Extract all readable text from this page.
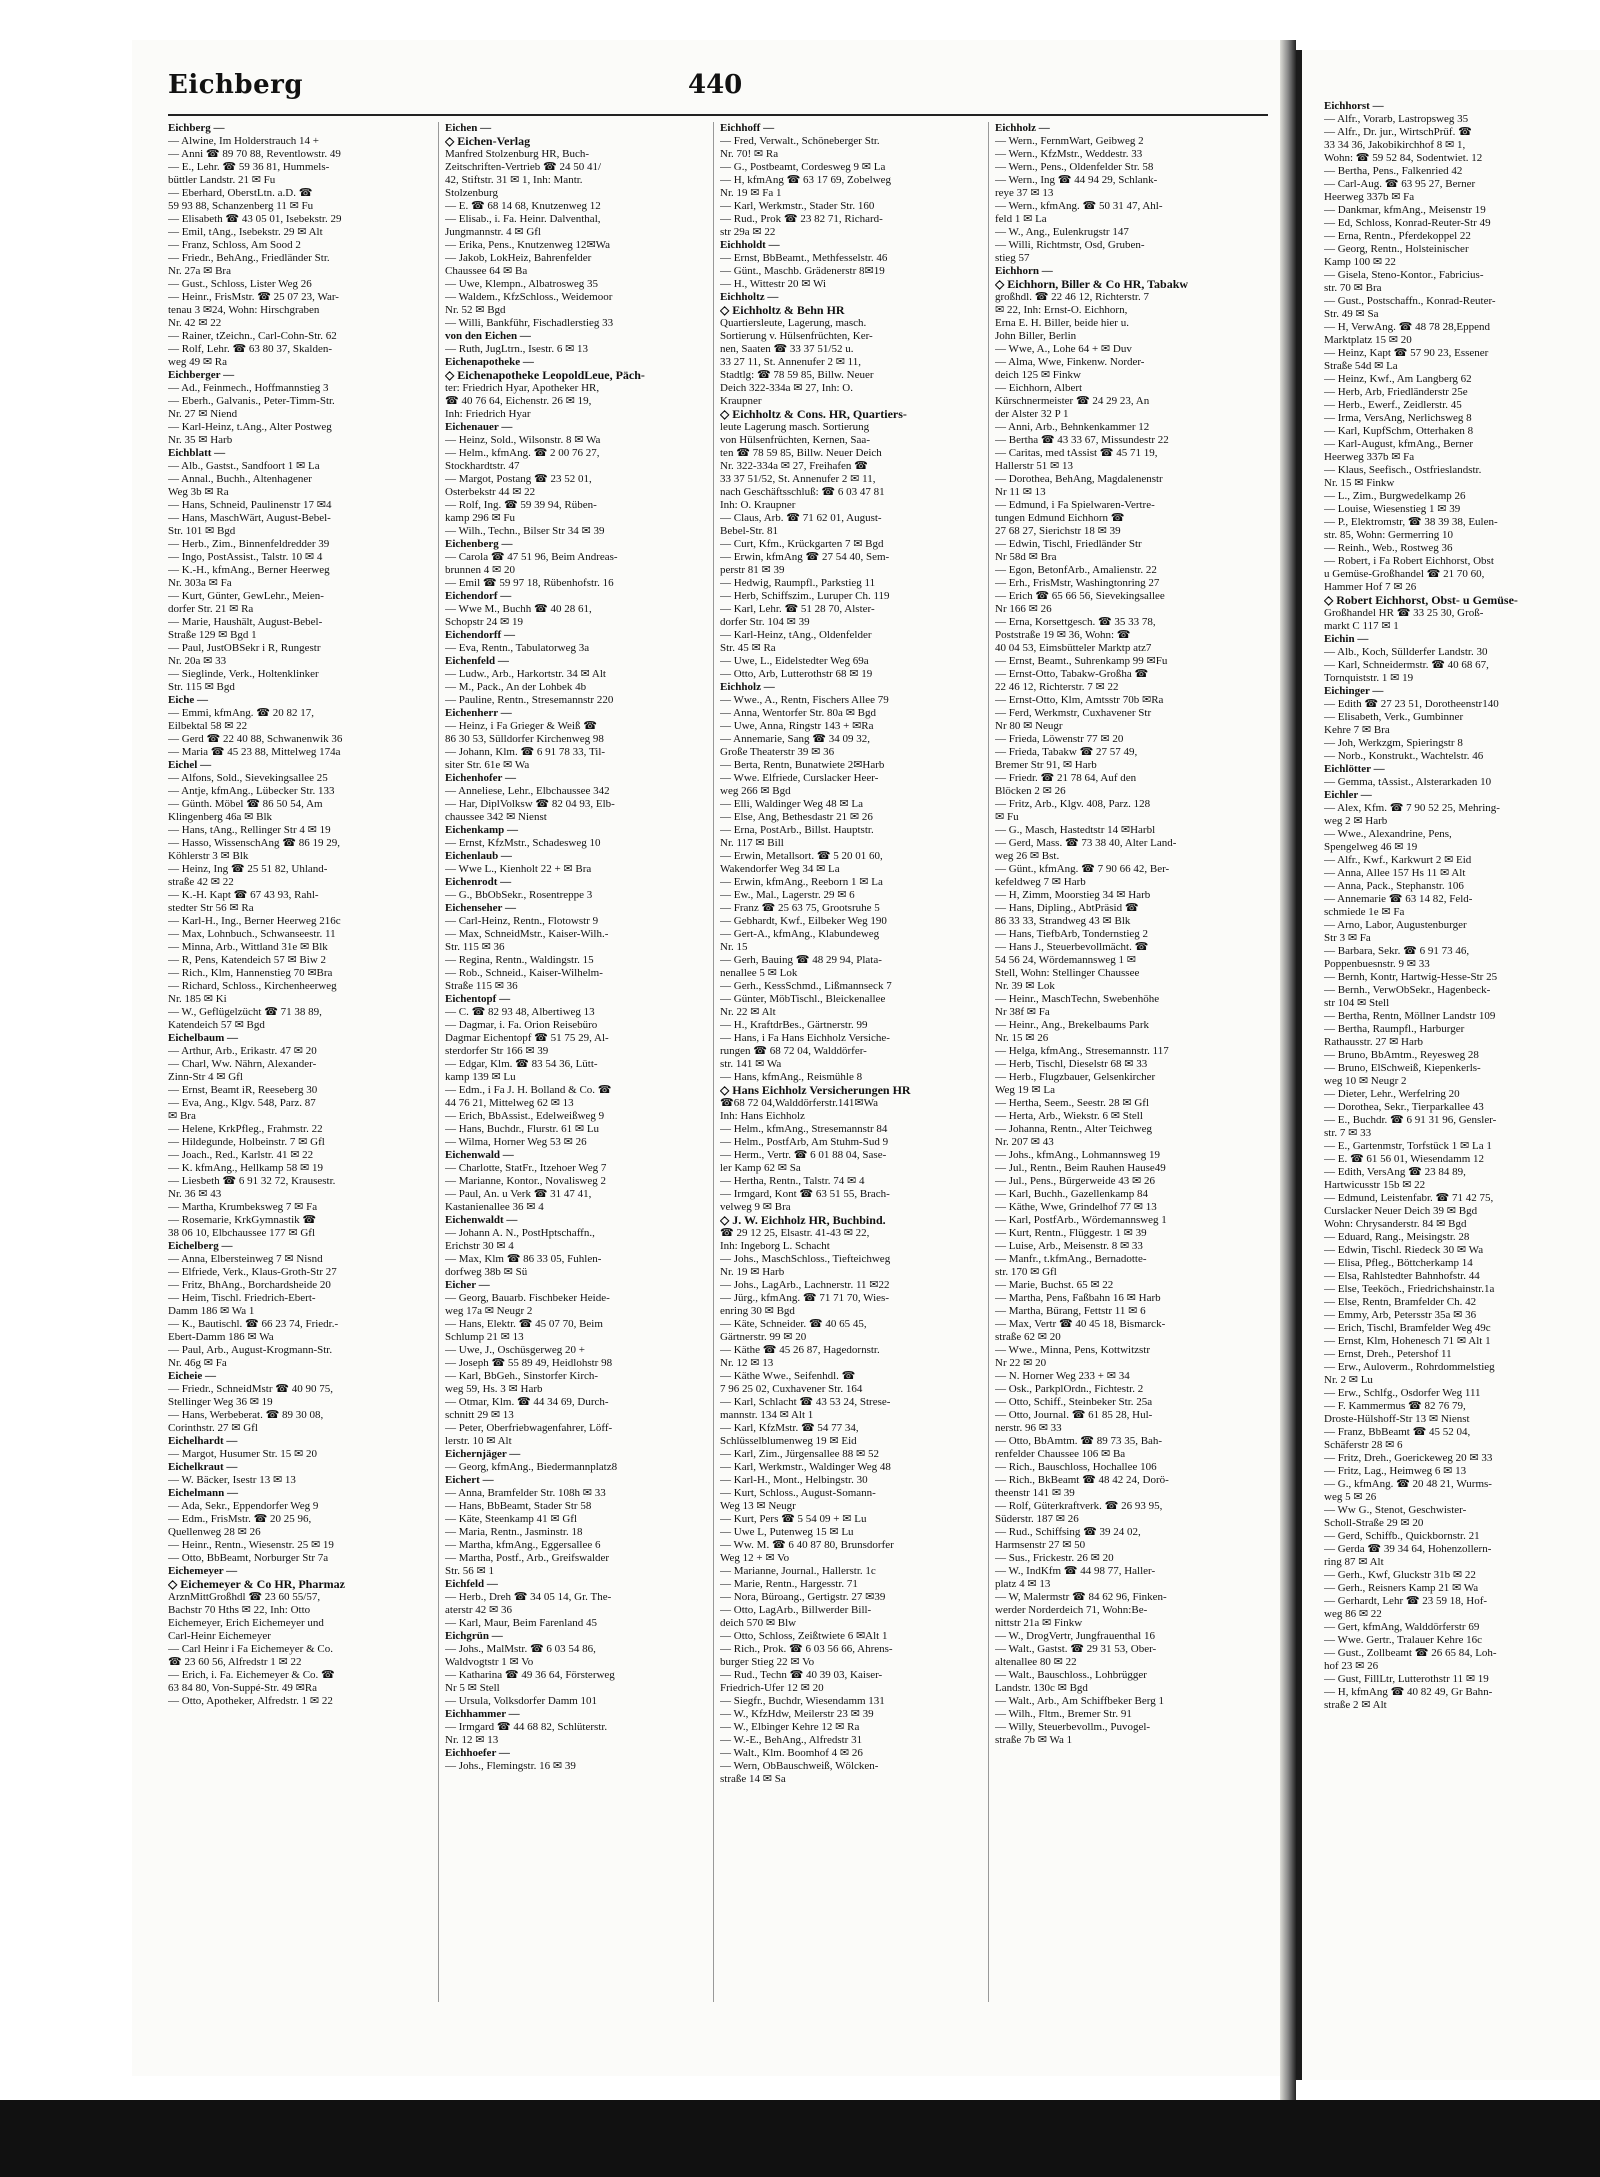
Eichberg	440
Eichberg —
— Alwine, Im Holderstrauch 14 +
— Anni ☎ 89 70 88, Reventlowstr. 49
— E., Lehr. ☎ 59 36 81, Hummels-
büttler Landstr. 21 ✉ Fu
— Eberhard, OberstLtn. a.D. ☎
59 93 88, Schanzenberg 11 ✉ Fu
— Elisabeth ☎ 43 05 01, Isebekstr. 29
— Emil, tAng., Isebekstr. 29 ✉ Alt
— Franz, Schloss, Am Sood 2
— Friedr., BehAng., Friedländer Str.
Nr. 27a ✉ Bra
— Gust., Schloss, Lister Weg 26
— Heinr., FrisMstr. ☎ 25 07 23, War-
tenau 3 ✉24, Wohn: Hirschgraben
Nr. 42 ✉ 22
— Rainer, tZeichn., Carl-Cohn-Str. 62
— Rolf, Lehr. ☎ 63 80 37, Skalden-
weg 49 ✉ Ra
Eichberger —
— Ad., Feinmech., Hoffmannstieg 3
— Eberh., Galvanis., Peter-Timm-Str.
Nr. 27 ✉ Niend
— Karl-Heinz, t.Ang., Alter Postweg
Nr. 35 ✉ Harb
Eichblatt —
— Alb., Gastst., Sandfoort 1 ✉ La
— Annal., Buchh., Altenhagener
Weg 3b ✉ Ra
— Hans, Schneid, Paulinenstr 17 ✉4
— Hans, MaschWärt, August-Bebel-
Str. 101 ✉ Bgd
— Herb., Zim., Binnenfeldredder 39
— Ingo, PostAssist., Talstr. 10 ✉ 4
— K.-H., kfmAng., Berner Heerweg
Nr. 303a ✉ Fa
— Kurt, Günter, GewLehr., Meien-
dorfer Str. 21 ✉ Ra
— Marie, Haushält, August-Bebel-
Straße 129 ✉ Bgd 1
— Paul, JustOBSekr i R, Rungestr
Nr. 20a ✉ 33
— Sieglinde, Verk., Holtenklinker
Str. 115 ✉ Bgd
Eiche —
— Emmi, kfmAng. ☎ 20 82 17,
Eilbektal 58 ✉ 22
— Gerd ☎ 22 40 88, Schwanenwik 36
— Maria ☎ 45 23 88, Mittelweg 174a
Eichel —
— Alfons, Sold., Sievekingsallee 25
— Antje, kfmAng., Lübecker Str. 133
— Günth. Möbel ☎ 86 50 54, Am
Klingenberg 46a ✉ Blk
— Hans, tAng., Rellinger Str 4 ✉ 19
— Hasso, WissenschAng ☎ 86 19 29,
Köhlerstr 3 ✉ Blk
— Heinz, Ing ☎ 25 51 82, Uhland-
straße 42 ✉ 22
— K.-H. Kapt ☎ 67 43 93, Rahl-
stedter Str 56 ✉ Ra
— Karl-H., Ing., Berner Heerweg 216c
— Max, Lohnbuch., Schwanseestr. 11
— Minna, Arb., Wittland 31e ✉ Blk
— R, Pens, Katendeich 57 ✉ Biw 2
— Rich., Klm, Hannenstieg 70 ✉Bra
— Richard, Schloss., Kirchenheerweg
Nr. 185 ✉ Ki
— W., Geflügelzücht ☎ 71 38 89,
Katendeich 57 ✉ Bgd
Eichelbaum —
— Arthur, Arb., Erikastr. 47 ✉ 20
— Charl, Ww. Nährn, Alexander-
Zinn-Str 4 ✉ Gfl
— Ernst, Beamt iR, Reeseberg 30
— Eva, Ang., Klgv. 548, Parz. 87
✉ Bra
— Helene, KrkPfleg., Frahmstr. 22
— Hildegunde, Holbeinstr. 7 ✉ Gfl
— Joach., Red., Karlstr. 41 ✉ 22
— K. kfmAng., Hellkamp 58 ✉ 19
— Liesbeth ☎ 6 91 32 72, Krausestr.
Nr. 36 ✉ 43
— Martha, Krumbeksweg 7 ✉ Fa
— Rosemarie, KrkGymnastik ☎
38 06 10, Elbchaussee 177 ✉ Gfl
Eichelberg —
— Anna, Elbersteinweg 7 ✉ Nisnd
— Elfriede, Verk., Klaus-Groth-Str 27
— Fritz, BhAng., Borchardsheide 20
— Heim, Tischl. Friedrich-Ebert-
Damm 186 ✉ Wa 1
— K., Bautischl. ☎ 66 23 74, Friedr.-
Ebert-Damm 186 ✉ Wa
— Paul, Arb., August-Krogmann-Str.
Nr. 46g ✉ Fa
Eicheie —
— Friedr., SchneidMstr ☎ 40 90 75,
Stellinger Weg 36 ✉ 19
— Hans, Werbeberat. ☎ 89 30 08,
Corinthstr. 27 ✉ Gfl
Eichelhardt —
— Margot, Husumer Str. 15 ✉ 20
Eichelkraut —
— W. Bäcker, Isestr 13 ✉ 13
Eichelmann —
— Ada, Sekr., Eppendorfer Weg 9
— Edm., FrisMstr. ☎ 20 25 96,
Quellenweg 28 ✉ 26
— Heinr., Rentn., Wiesenstr. 25 ✉ 19
— Otto, BbBeamt, Norburger Str 7a
Eichemeyer —
◇ Eichemeyer & Co HR, Pharmaz
ArznMittGroßhdl ☎ 23 60 55/57,
Bachstr 70 Hths ✉ 22, Inh: Otto
Eichemeyer, Erich Eichemeyer und
Carl-Heinr Eichemeyer
— Carl Heinr i Fa Eichemeyer & Co.
☎ 23 60 56, Alfredstr 1 ✉ 22
— Erich, i. Fa. Eichemeyer & Co. ☎
63 84 80, Von-Suppé-Str. 49 ✉Ra
— Otto, Apotheker, Alfredstr. 1 ✉ 22
Eichen —
◇ Eichen-Verlag
Manfred Stolzenburg HR, Buch-
Zeitschriften-Vertrieb ☎ 24 50 41/
42, Stiftstr. 31 ✉ 1, Inh: Mantr.
Stolzenburg
— E. ☎ 68 14 68, Knutzenweg 12
— Elisab., i. Fa. Heinr. Dalventhal,
Jungmannstr. 4 ✉ Gfl
— Erika, Pens., Knutzenweg 12✉Wa
— Jakob, LokHeiz, Bahrenfelder
Chaussee 64 ✉ Ba
— Uwe, Klempn., Albatrosweg 35
— Waldem., KfzSchloss., Weidemoor
Nr. 52 ✉ Bgd
— Willi, Bankführ, Fischadlerstieg 33
von den Eichen —
— Ruth, JugLtrn., Isestr. 6 ✉ 13
Eichenapotheke —
◇ Eichenapotheke LeopoldLeue, Päch-
ter: Friedrich Hyar, Apotheker HR,
☎ 40 76 64, Eichenstr. 26 ✉ 19,
Inh: Friedrich Hyar
Eichenauer —
— Heinz, Sold., Wilsonstr. 8 ✉ Wa
— Helm., kfmAng. ☎ 2 00 76 27,
Stockhardtstr. 47
— Margot, Postang ☎ 23 52 01,
Osterbekstr 44 ✉ 22
— Rolf, Ing. ☎ 59 39 94, Rüben-
kamp 296 ✉ Fu
— Wilh., Techn., Bilser Str 34 ✉ 39
Eichenberg —
— Carola ☎ 47 51 96, Beim Andreas-
brunnen 4 ✉ 20
— Emil ☎ 59 97 18, Rübenhofstr. 16
Eichendorf —
— Wwe M., Buchh ☎ 40 28 61,
Schopstr 24 ✉ 19
Eichendorff —
— Eva, Rentn., Tabulatorweg 3a
Eichenfeld —
— Ludw., Arb., Harkortstr. 34 ✉ Alt
— M., Pack., An der Lohbek 4b
— Pauline, Rentn., Stresemannstr 220
Eichenherr —
— Heinz, i Fa Grieger & Weiß ☎
86 30 53, Sülldorfer Kirchenweg 98
— Johann, Klm. ☎ 6 91 78 33, Til-
siter Str. 61e ✉ Wa
Eichenhofer —
— Anneliese, Lehr., Elbchaussee 342
— Har, DiplVolksw ☎ 82 04 93, Elb-
chaussee 342 ✉ Nienst
Eichenkamp —
— Ernst, KfzMstr., Schadesweg 10
Eichenlaub —
— Wwe L., Kienholt 22 + ✉ Bra
Eichenrodt —
— G., BbObSekr., Rosentreppe 3
Eichenseher —
— Carl-Heinz, Rentn., Flotowstr 9
— Max, SchneidMstr., Kaiser-Wilh.-
Str. 115 ✉ 36
— Regina, Rentn., Waldingstr. 15
— Rob., Schneid., Kaiser-Wilhelm-
Straße 115 ✉ 36
Eichentopf —
— C. ☎ 82 93 48, Albertiweg 13
— Dagmar, i. Fa. Orion Reisebüro
Dagmar Eichentopf ☎ 51 75 29, Al-
sterdorfer Str 166 ✉ 39
— Edgar, Klm. ☎ 83 54 36, Lütt-
kamp 139 ✉ Lu
— Edm., i Fa J. H. Bolland & Co. ☎
44 76 21, Mittelweg 62 ✉ 13
— Erich, BbAssist., Edelweißweg 9
— Hans, Buchdr., Flurstr. 61 ✉ Lu
— Wilma, Horner Weg 53 ✉ 26
Eichenwald —
— Charlotte, StatFr., Itzehoer Weg 7
— Marianne, Kontor., Novalisweg 2
— Paul, An. u Verk ☎ 31 47 41,
Kastanienallee 36 ✉ 4
Eichenwaldt —
— Johann A. N., PostHptschaffn.,
Erichstr 30 ✉ 4
— Max, Klm ☎ 86 33 05, Fuhlen-
dorfweg 38b ✉ Sü
Eicher —
— Georg, Bauarb. Fischbeker Heide-
weg 17a ✉ Neugr 2
— Hans, Elektr. ☎ 45 07 70, Beim
Schlump 21 ✉ 13
— Uwe, J., Oschüsgerweg 20 +
— Joseph ☎ 55 89 49, Heidlohstr 98
— Karl, BbGeh., Sinstorfer Kirch-
weg 59, Hs. 3 ✉ Harb
— Otmar, Klm. ☎ 44 34 69, Durch-
schnitt 29 ✉ 13
— Peter, Oberfriebwagenfahrer, Löff-
lerstr. 10 ✉ Alt
Eichernjäger —
— Georg, kfmAng., Biedermannplatz8
Eichert —
— Anna, Bramfelder Str. 108h ✉ 33
— Hans, BbBeamt, Stader Str 58
— Käte, Steenkamp 41 ✉ Gfl
— Maria, Rentn., Jasminstr. 18
— Martha, kfmAng., Eggersallee 6
— Martha, Postf., Arb., Greifswalder
Str. 56 ✉ 1
Eichfeld —
— Herb., Dreh ☎ 34 05 14, Gr. The-
aterstr 42 ✉ 36
— Karl, Maur, Beim Farenland 45
Eichgrün —
— Johs., MalMstr. ☎ 6 03 54 86,
Waldvogtstr 1 ✉ Vo
— Katharina ☎ 49 36 64, Försterweg
Nr 5 ✉ Stell
— Ursula, Volksdorfer Damm 101
Eichhammer —
— Irmgard ☎ 44 68 82, Schlüterstr.
Nr. 12 ✉ 13
Eichhoefer —
— Johs., Flemingstr. 16 ✉ 39
Eichhoff —
— Fred, Verwalt., Schöneberger Str.
Nr. 70! ✉ Ra
— G., Postbeamt, Cordesweg 9 ✉ La
— H, kfmAng ☎ 63 17 69, Zobelweg
Nr. 19 ✉ Fa 1
— Karl, Werkmstr., Stader Str. 160
— Rud., Prok ☎ 23 82 71, Richard-
str 29a ✉ 22
Eichholdt —
— Ernst, BbBeamt., Methfesselstr. 46
— Günt., Maschb. Grädenerstr 8✉19
— H., Wittestr 20 ✉ Wi
Eichholtz —
◇ Eichholtz & Behn HR
Quartiersleute, Lagerung, masch.
Sortierung v. Hülsenfrüchten, Ker-
nen, Saaten ☎ 33 37 51/52 u.
33 27 11, St. Annenufer 2 ✉ 11,
Stadtlg: ☎ 78 59 85, Billw. Neuer
Deich 322-334a ✉ 27, Inh: O.
Kraupner
◇ Eichholtz & Cons. HR, Quartiers-
leute Lagerung masch. Sortierung
von Hülsenfrüchten, Kernen, Saa-
ten ☎ 78 59 85, Billw. Neuer Deich
Nr. 322-334a ✉ 27, Freihafen ☎
33 37 51/52, St. Annenufer 2 ✉ 11,
nach Geschäftsschluß: ☎ 6 03 47 81
Inh: O. Kraupner
— Claus, Arb. ☎ 71 62 01, August-
Bebel-Str. 81
— Curt, Kfm., Krückgarten 7 ✉ Bgd
— Erwin, kfmAng ☎ 27 54 40, Sem-
perstr 81 ✉ 39
— Hedwig, Raumpfl., Parkstieg 11
— Herb, Schiffszim., Luruper Ch. 119
— Karl, Lehr. ☎ 51 28 70, Alster-
dorfer Str. 104 ✉ 39
— Karl-Heinz, tAng., Oldenfelder
Str. 45 ✉ Ra
— Uwe, L., Eidelstedter Weg 69a
— Otto, Arb, Lutterothstr 68 ✉ 19
Eichholz —
— Wwe., A., Rentn, Fischers Allee 79
— Anna, Wentorfer Str. 80a ✉ Bgd
— Uwe, Anna, Ringstr 143 + ✉Ra
— Annemarie, Sang ☎ 34 09 32,
Große Theaterstr 39 ✉ 36
— Berta, Rentn, Bunatwiete 2✉Harb
— Wwe. Elfriede, Curslacker Heer-
weg 266 ✉ Bgd
— Elli, Waldinger Weg 48 ✉ La
— Else, Ang, Bethesdastr 21 ✉ 26
— Erna, PostArb., Billst. Hauptstr.
Nr. 117 ✉ Bill
— Erwin, Metallsort. ☎ 5 20 01 60,
Wakendorfer Weg 34 ✉ La
— Erwin, kfmAng., Reeborn 1 ✉ La
— Ew., Mal., Lagerstr. 29 ✉ 6
— Franz ☎ 25 63 75, Grootsruhe 5
— Gebhardt, Kwf., Eilbeker Weg 190
— Gert-A., kfmAng., Klabundeweg
Nr. 15
— Gerh, Bauing ☎ 48 29 94, Plata-
nenallee 5 ✉ Lok
— Gerh., KessSchmd., Lißmannseck 7
— Günter, MöbTischl., Bleickenallee
Nr. 22 ✉ Alt
— H., KraftdrBes., Gärtnerstr. 99
— Hans, i Fa Hans Eichholz Versiche-
rungen ☎ 68 72 04, Walddörfer-
str. 141 ✉ Wa
— Hans, kfmAng., Reismühle 8
◇ Hans Eichholz Versicherungen HR
☎68 72 04,Walddörferstr.141✉Wa
Inh: Hans Eichholz
— Helm., kfmAng., Stresemannstr 84
— Helm., PostfArb, Am Stuhm-Sud 9
— Herm., Vertr. ☎ 6 01 88 04, Sase-
ler Kamp 62 ✉ Sa
— Hertha, Rentn., Talstr. 74 ✉ 4
— Irmgard, Kont ☎ 63 51 55, Brach-
velweg 9 ✉ Bra
◇ J. W. Eichholz HR, Buchbind.
☎ 29 12 25, Elsastr. 41-43 ✉ 22,
Inh: Ingeborg L. Schacht
— Johs., MaschSchloss., Tiefteichweg
Nr. 19 ✉ Harb
— Johs., LagArb., Lachnerstr. 11 ✉22
— Jürg., kfmAng. ☎ 71 71 70, Wies-
enring 30 ✉ Bgd
— Käte, Schneider. ☎ 40 65 45,
Gärtnerstr. 99 ✉ 20
— Käthe ☎ 45 26 87, Hagedornstr.
Nr. 12 ✉ 13
— Käthe Wwe., Seifenhdl. ☎
7 96 25 02, Cuxhavener Str. 164
— Karl, Schlacht ☎ 43 53 24, Strese-
mannstr. 134 ✉ Alt 1
— Karl, KfzMstr. ☎ 54 77 34,
Schlüsselblumenweg 19 ✉ Eid
— Karl, Zim., Jürgensallee 88 ✉ 52
— Karl, Werkmstr., Waldinger Weg 48
— Karl-H., Mont., Helbingstr. 30
— Kurt, Schloss., August-Somann-
Weg 13 ✉ Neugr
— Kurt, Pers ☎ 5 54 09 + ✉ Lu
— Uwe L, Putenweg 15 ✉ Lu
— Ww. M. ☎ 6 40 87 80, Brunsdorfer
Weg 12 + ✉ Vo
— Marianne, Journal., Hallerstr. 1c
— Marie, Rentn., Hargesstr. 71
— Nora, Büroang., Gertigstr. 27 ✉39
— Otto, LagArb., Billwerder Bill-
deich 570 ✉ Blw
— Otto, Schloss, Zeißtwiete 6 ✉Alt 1
— Rich., Prok. ☎ 6 03 56 66, Ahrens-
burger Stieg 22 ✉ Vo
— Rud., Techn ☎ 40 39 03, Kaiser-
Friedrich-Ufer 12 ✉ 20
— Siegfr., Buchdr, Wiesendamm 131
— W., KfzHdw, Meilerstr 23 ✉ 39
— W., Elbinger Kehre 12 ✉ Ra
— W.-E., BehAng., Alfredstr 31
— Walt., Klm. Boomhof 4 ✉ 26
— Wern, ObBauschweiß, Wölcken-
straße 14 ✉ Sa
Eichholz —
— Wern., FernmWart, Geibweg 2
— Wern., KfzMstr., Weddestr. 33
— Wern., Pens., Oldenfelder Str. 58
— Wern., Ing ☎ 44 94 29, Schlank-
reye 37 ✉ 13
— Wern., kfmAng. ☎ 50 31 47, Ahl-
feld 1 ✉ La
— W., Ang., Eulenkrugstr 147
— Willi, Richtmstr, Osd, Gruben-
stieg 57
Eichhorn —
◇ Eichhorn, Biller & Co HR, Tabakw
großhdl. ☎ 22 46 12, Richterstr. 7
✉ 22, Inh: Ernst-O. Eichhorn,
Erna E. H. Biller, beide hier u.
John Biller, Berlin
— Wwe, A., Lohe 64 + ✉ Duv
— Alma, Wwe, Finkenw. Norder-
deich 125 ✉ Finkw
— Eichhorn, Albert
Kürschnermeister ☎ 24 29 23, An
der Alster 32 P 1
— Anni, Arb., Behnkenkammer 12
— Bertha ☎ 43 33 67, Missundestr 22
— Caritas, med tAssist ☎ 45 71 19,
Hallerstr 51 ✉ 13
— Dorothea, BehAng, Magdalenenstr
Nr 11 ✉ 13
— Edmund, i Fa Spielwaren-Vertre-
tungen Edmund Eichhorn ☎
27 68 27, Sierichstr 18 ✉ 39
— Edwin, Tischl, Friedländer Str
Nr 58d ✉ Bra
— Egon, BetonfArb., Amalienstr. 22
— Erh., FrisMstr, Washingtonring 27
— Erich ☎ 65 66 56, Sievekingsallee
Nr 166 ✉ 26
— Erna, Korsettgesch. ☎ 35 33 78,
Poststraße 19 ✉ 36, Wohn: ☎
40 04 53, Eimsbütteler Marktp atz7
— Ernst, Beamt., Suhrenkamp 99 ✉Fu
— Ernst-Otto, Tabakw-Großha ☎
22 46 12, Richterstr. 7 ✉ 22
— Ernst-Otto, Klm, Amtsstr 70b ✉Ra
— Ferd, Werkmstr, Cuxhavener Str
Nr 80 ✉ Neugr
— Frieda, Löwenstr 77 ✉ 20
— Frieda, Tabakw ☎ 27 57 49,
Bremer Str 91, ✉ Harb
— Friedr. ☎ 21 78 64, Auf den
Blöcken 2 ✉ 26
— Fritz, Arb., Klgv. 408, Parz. 128
✉ Fu
— G., Masch, Hastedtstr 14 ✉Harbl
— Gerd, Mass. ☎ 73 38 40, Alter Land-
weg 26 ✉ Bst.
— Günt., kfmAng. ☎ 7 90 66 42, Ber-
kefeldweg 7 ✉ Harb
— H, Zimm, Moorstieg 34 ✉ Harb
— Hans, Dipling., AbtPräsid ☎
86 33 33, Strandweg 43 ✉ Blk
— Hans, TiefbArb, Tondernstieg 2
— Hans J., Steuerbevollmächt. ☎
54 56 24, Wördemannsweg 1 ✉
Stell, Wohn: Stellinger Chaussee
Nr. 39 ✉ Lok
— Heinr., MaschTechn, Swebenhöhe
Nr 38f ✉ Fa
— Heinr., Ang., Brekelbaums Park
Nr. 15 ✉ 26
— Helga, kfmAng., Stresemannstr. 117
— Herb, Tischl, Dieselstr 68 ✉ 33
— Herb., Flugzbauer, Gelsenkircher
Weg 19 ✉ La
— Hertha, Seem., Seestr. 28 ✉ Gfl
— Herta, Arb., Wiekstr. 6 ✉ Stell
— Johanna, Rentn., Alter Teichweg
Nr. 207 ✉ 43
— Johs., kfmAng., Lohmannsweg 19
— Jul., Rentn., Beim Rauhen Hause49
— Jul., Pens., Bürgerweide 43 ✉ 26
— Karl, Buchh., Gazellenkamp 84
— Käthe, Wwe, Grindelhof 77 ✉ 13
— Karl, PostfArb., Wördemannsweg 1
— Kurt, Rentn., Flüggestr. 1 ✉ 39
— Luise, Arb., Meisenstr. 8 ✉ 33
— Manfr., t.kfmAng., Bernadotte-
str. 170 ✉ Gfl
— Marie, Buchst. 65 ✉ 22
— Martha, Pens, Faßbahn 16 ✉ Harb
— Martha, Bürang, Fettstr 11 ✉ 6
— Max, Vertr ☎ 40 45 18, Bismarck-
straße 62 ✉ 20
— Wwe., Minna, Pens, Kottwitzstr
Nr 22 ✉ 20
— N. Horner Weg 233 + ✉ 34
— Osk., ParkplOrdn., Fichtestr. 2
— Otto, Schiff., Steinbeker Str. 25a
— Otto, Journal. ☎ 61 85 28, Hul-
nerstr. 96 ✉ 33
— Otto, BbAmtm. ☎ 89 73 35, Bah-
renfelder Chaussee 106 ✉ Ba
— Rich., Bauschloss, Hochallee 106
— Rich., BkBeamt ☎ 48 42 24, Dorö-
theenstr 141 ✉ 39
— Rolf, Güterkraftverk. ☎ 26 93 95,
Süderstr. 187 ✉ 26
— Rud., Schiffsing ☎ 39 24 02,
Harmsenstr 27 ✉ 50
— Sus., Frickestr. 26 ✉ 20
— W., IndKfm ☎ 44 98 77, Haller-
platz 4 ✉ 13
— W, Malermstr ☎ 84 62 96, Finken-
werder Norderdeich 71, Wohn:Be-
nittstr 21a ✉ Finkw
— W., DrogVertr, Jungfrauenthal 16
— Walt., Gastst. ☎ 29 31 53, Ober-
altenallee 80 ✉ 22
— Walt., Bauschloss., Lohbrügger
Landstr. 130c ✉ Bgd
— Walt., Arb., Am Schiffbeker Berg 1
— Wilh., Fltm., Bremer Str. 91
— Willy, Steuerbevollm., Puvogel-
straße 7b ✉ Wa 1
Eichhorst —
— Alfr., Vorarb, Lastropsweg 35
— Alfr., Dr. jur., WirtschPrüf. ☎
33 34 36, Jakobikirchhof 8 ✉ 1,
Wohn: ☎ 59 52 84, Sodentwiet. 12
— Bertha, Pens., Falkenried 42
— Carl-Aug. ☎ 63 95 27, Berner
Heerweg 337b ✉ Fa
— Dankmar, kfmAng., Meisenstr 19
— Ed, Schloss, Konrad-Reuter-Str 49
— Erna, Rentn., Pferdekoppel 22
— Georg, Rentn., Holsteinischer
Kamp 100 ✉ 22
— Gisela, Steno-Kontor., Fabricius-
str. 70 ✉ Bra
— Gust., Postschaffn., Konrad-Reuter-
Str. 49 ✉ Sa
— H, VerwAng. ☎ 48 78 28,Eppend
Marktplatz 15 ✉ 20
— Heinz, Kapt ☎ 57 90 23, Essener
Straße 54d ✉ La
— Heinz, Kwf., Am Langberg 62
— Herb, Arb, Friedländerstr 25e
— Herb., Ewerf., Zeidlerstr. 45
— Irma, VersAng, Nerlichsweg 8
— Karl, KupfSchm, Otterhaken 8
— Karl-August, kfmAng., Berner
Heerweg 337b ✉ Fa
— Klaus, Seefisch., Ostfrieslandstr.
Nr. 15 ✉ Finkw
— L., Zim., Burgwedelkamp 26
— Louise, Wiesenstieg 1 ✉ 39
— P., Elektromstr, ☎ 38 39 38, Eulen-
str. 85, Wohn: Germerring 10
— Reinh., Web., Rostweg 36
— Robert, i Fa Robert Eichhorst, Obst
u Gemüse-Großhandel ☎ 21 70 60,
Hammer Hof 7 ✉ 26
◇ Robert Eichhorst, Obst- u Gemüse-
Großhandel HR ☎ 33 25 30, Groß-
markt C 117 ✉ 1
Eichin —
— Alb., Koch, Süllderfer Landstr. 30
— Karl, Schneidermstr. ☎ 40 68 67,
Tornquiststr. 1 ✉ 19
Eichinger —
— Edith ☎ 27 23 51, Dorotheenstr140
— Elisabeth, Verk., Gumbinner
Kehre 7 ✉ Bra
— Joh, Werkzgm, Spieringstr 8
— Norb., Konstrukt., Wachtelstr. 46
Eichlötter —
— Gemma, tAssist., Alsterarkaden 10
Eichler —
— Alex, Kfm. ☎ 7 90 52 25, Mehring-
weg 2 ✉ Harb
— Wwe., Alexandrine, Pens,
Spengelweg 46 ✉ 19
— Alfr., Kwf., Karkwurt 2 ✉ Eid
— Anna, Allee 157 Hs 11 ✉ Alt
— Anna, Pack., Stephanstr. 106
— Annemarie ☎ 63 14 82, Feld-
schmiede 1e ✉ Fa
— Arno, Labor, Augustenburger
Str 3 ✉ Fa
— Barbara, Sekr. ☎ 6 91 73 46,
Poppenbuesnstr. 9 ✉ 33
— Bernh, Kontr, Hartwig-Hesse-Str 25
— Bernh., VerwObSekr., Hagenbeck-
str 104 ✉ Stell
— Bertha, Rentn, Möllner Landstr 109
— Bertha, Raumpfl., Harburger
Rathausstr. 27 ✉ Harb
— Bruno, BbAmtm., Reyesweg 28
— Bruno, ElSchweiß, Kiepenkerls-
weg 10 ✉ Neugr 2
— Dieter, Lehr., Werfelring 20
— Dorothea, Sekr., Tierparkallee 43
— E., Buchdr. ☎ 6 91 31 96, Gensler-
str. 7 ✉ 33
— E., Gartenmstr, Torfstück 1 ✉ La 1
— E. ☎ 61 56 01, Wiesendamm 12
— Edith, VersAng ☎ 23 84 89,
Hartwicusstr 15b ✉ 22
— Edmund, Leistenfabr. ☎ 71 42 75,
Curslacker Neuer Deich 39 ✉ Bgd
Wohn: Chrysanderstr. 84 ✉ Bgd
— Eduard, Rang., Meisingstr. 28
— Edwin, Tischl. Riedeck 30 ✉ Wa
— Elisa, Pfleg., Böttcherkamp 14
— Elsa, Rahlstedter Bahnhofstr. 44
— Else, Teeköch., Friedrichshainstr.1a
— Else, Rentn, Bramfelder Ch. 42
— Emmy, Arb, Petersstr 35a ✉ 36
— Erich, Tischl, Bramfelder Weg 49c
— Ernst, Klm, Hohenesch 71 ✉ Alt 1
— Ernst, Dreh., Petershof 11
— Erw., Auloverm., Rohrdommelstieg
Nr. 2 ✉ Lu
— Erw., Schlfg., Osdorfer Weg 111
— F. Kammermus ☎ 82 76 79,
Droste-Hülshoff-Str 13 ✉ Nienst
— Franz, BbBeamt ☎ 45 52 04,
Schäferstr 28 ✉ 6
— Fritz, Dreh., Goerickeweg 20 ✉ 33
— Fritz, Lag., Heimweg 6 ✉ 13
— G., kfmAng. ☎ 20 48 21, Wurms-
weg 5 ✉ 26
— Ww G., Stenot, Geschwister-
Scholl-Straße 29 ✉ 20
— Gerd, Schiffb., Quickbornstr. 21
— Gerda ☎ 39 34 64, Hohenzollern-
ring 87 ✉ Alt
— Gerh., Kwf, Gluckstr 31b ✉ 22
— Gerh., Reisners Kamp 21 ✉ Wa
— Gerhardt, Lehr ☎ 23 59 18, Hof-
weg 86 ✉ 22
— Gert, kfmAng, Walddörferstr 69
— Wwe. Gertr., Tralauer Kehre 16c
— Gust., Zollbeamt ☎ 26 65 84, Loh-
hof 23 ✉ 26
— Gust, FillLtr, Lutterothstr 11 ✉ 19
— H, kfmAng ☎ 40 82 49, Gr Bahn-
straße 2 ✉ Alt
